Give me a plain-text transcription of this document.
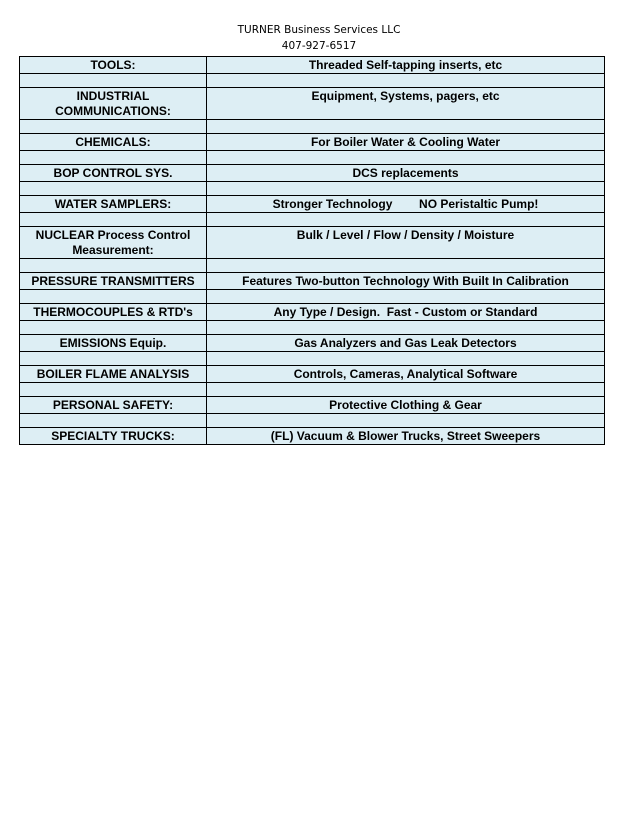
TURNER Business Services LLC
407-927-6517
TOOLS:	Threaded Self-tapping inserts, etc

INDUSTRIAL COMMUNICATIONS:	Equipment, Systems, pagers, etc

CHEMICALS:	For Boiler Water & Cooling Water

BOP CONTROL SYS.	DCS replacements

WATER SAMPLERS:	Stronger Technology        NO Peristaltic Pump!

NUCLEAR Process Control Measurement:	Bulk / Level / Flow / Density / Moisture

PRESSURE TRANSMITTERS	Features Two-button Technology With Built In Calibration

THERMOCOUPLES & RTD's	Any Type / Design.  Fast - Custom or Standard

EMISSIONS Equip.	Gas Analyzers and Gas Leak Detectors

BOILER FLAME ANALYSIS	Controls, Cameras, Analytical Software

PERSONAL SAFETY:	Protective Clothing & Gear

SPECIALTY TRUCKS:	(FL) Vacuum & Blower Trucks, Street Sweepers
